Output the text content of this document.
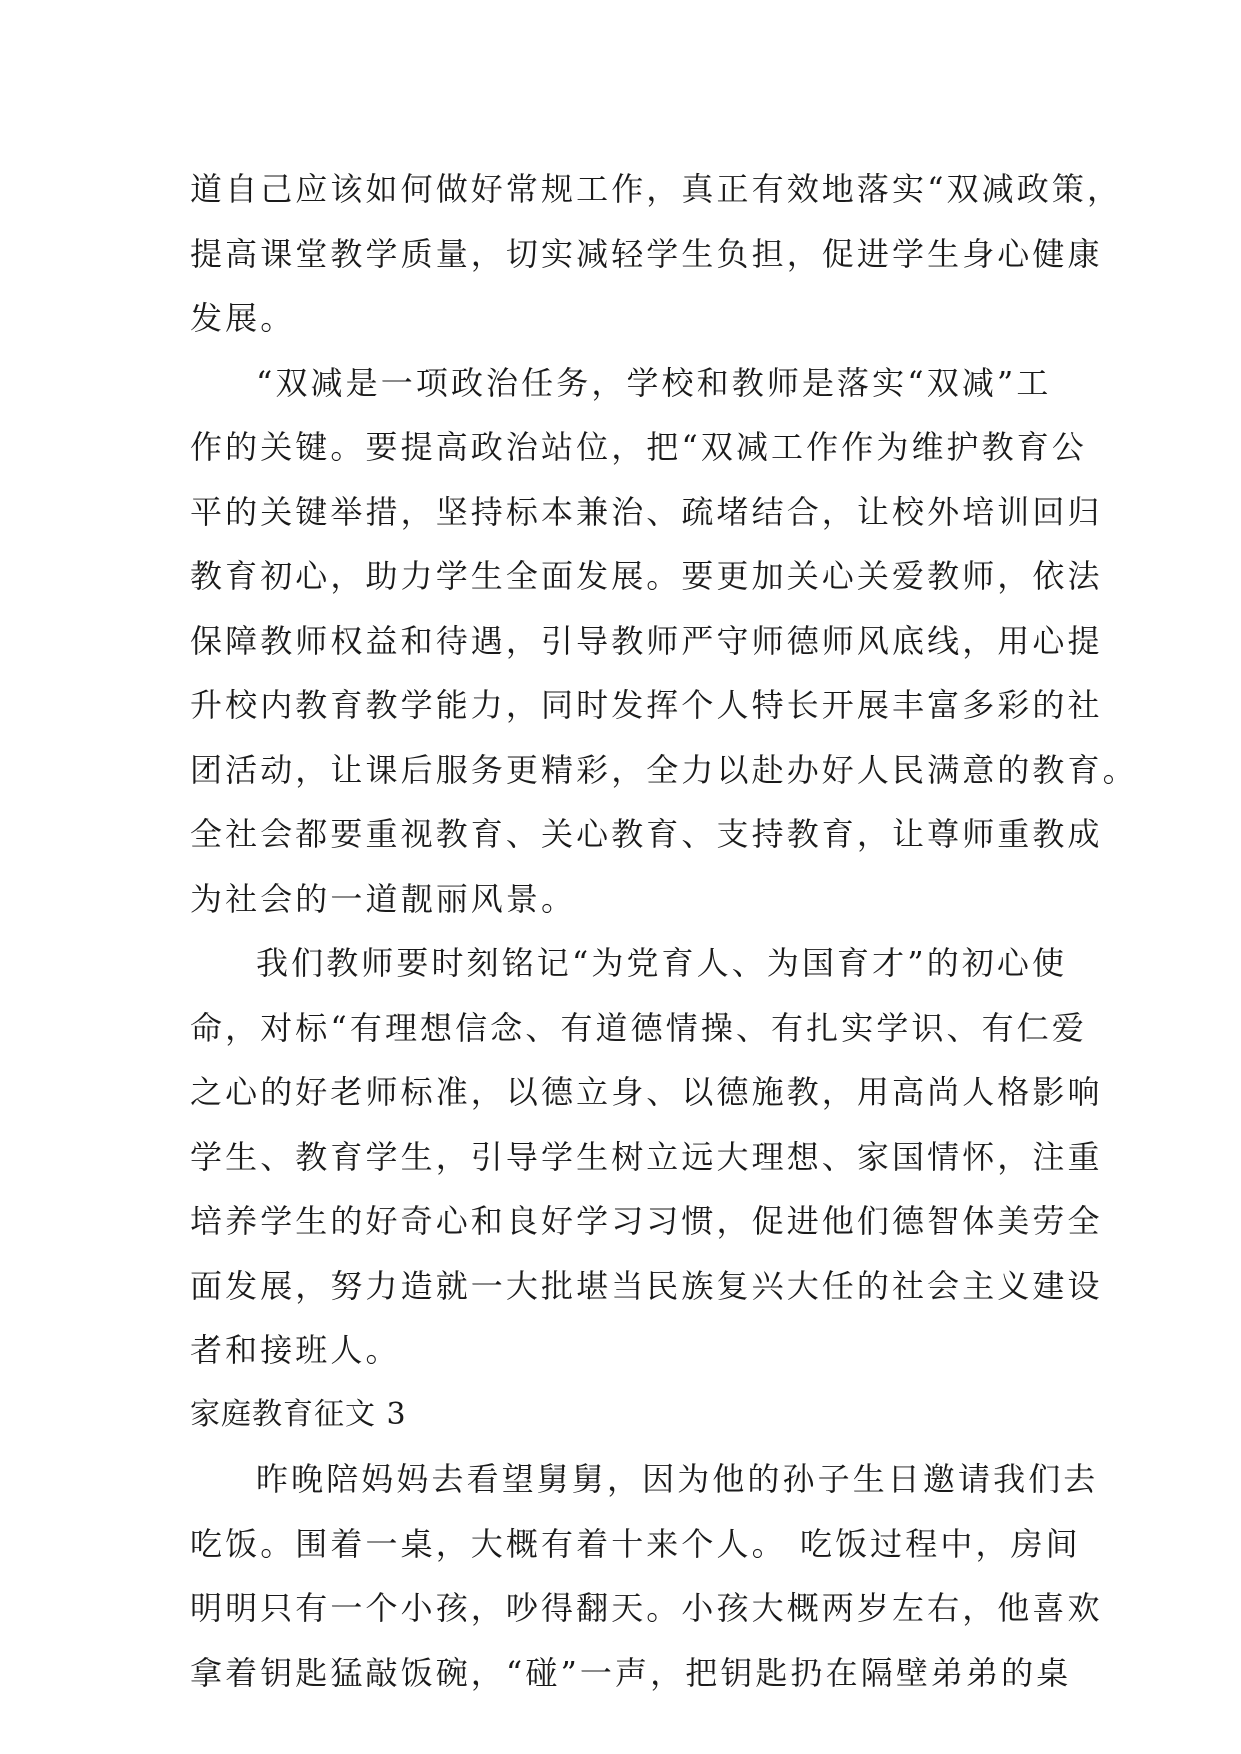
道自己应该如何做好常规工作，真正有效地落实“双减政策，
提高课堂教学质量，切实减轻学生负担，促进学生身心健康
发展。
“双减是一项政治任务，学校和教师是落实“双减”工
作的关键。要提高政治站位，把“双减工作作为维护教育公
平的关键举措，坚持标本兼治、疏堵结合，让校外培训回归
教育初心，助力学生全面发展。要更加关心关爱教师，依法
保障教师权益和待遇，引导教师严守师德师风底线，用心提
升校内教育教学能力，同时发挥个人特长开展丰富多彩的社
团活动，让课后服务更精彩，全力以赴办好人民满意的教育。
全社会都要重视教育、关心教育、支持教育，让尊师重教成
为社会的一道靓丽风景。
我们教师要时刻铭记“为党育人、为国育才”的初心使
命，对标“有理想信念、有道德情操、有扎实学识、有仁爱
之心的好老师标准，以德立身、以德施教，用高尚人格影响
学生、教育学生，引导学生树立远大理想、家国情怀，注重
培养学生的好奇心和良好学习习惯，促进他们德智体美劳全
面发展，努力造就一大批堪当民族复兴大任的社会主义建设
者和接班人。
家庭教育征文 3
昨晚陪妈妈去看望舅舅，因为他的孙子生日邀请我们去
吃饭。围着一桌，大概有着十来个人。 吃饭过程中，房间
明明只有一个小孩，吵得翻天。小孩大概两岁左右，他喜欢
拿着钥匙猛敲饭碗，“碰”一声，把钥匙扔在隔壁弟弟的桌
